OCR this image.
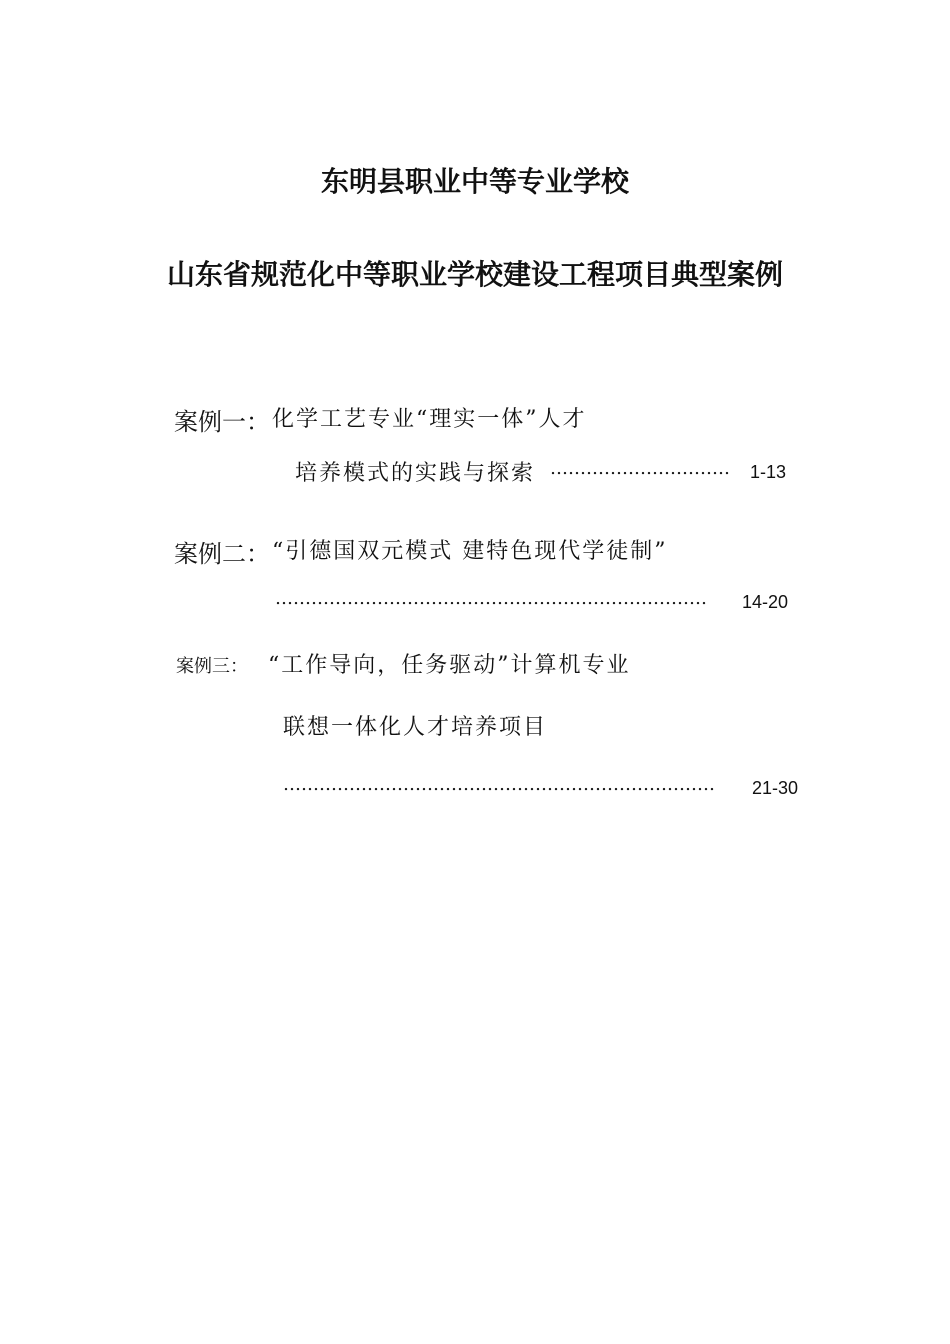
东明县职业中等专业学校
山东省规范化中等职业学校建设工程项目典型案例
案例一： 化学工艺专业“理实一体”人才
培养模式的实践与探索 …………………………	1-13
案例二： “引德国双元模式 建特色现代学徒制”
………………………………………………………………	14-20
案例三： “工作导向，任务驱动”计算机专业
联想一体化人才培养项目
………………………………………………………………	21-30
